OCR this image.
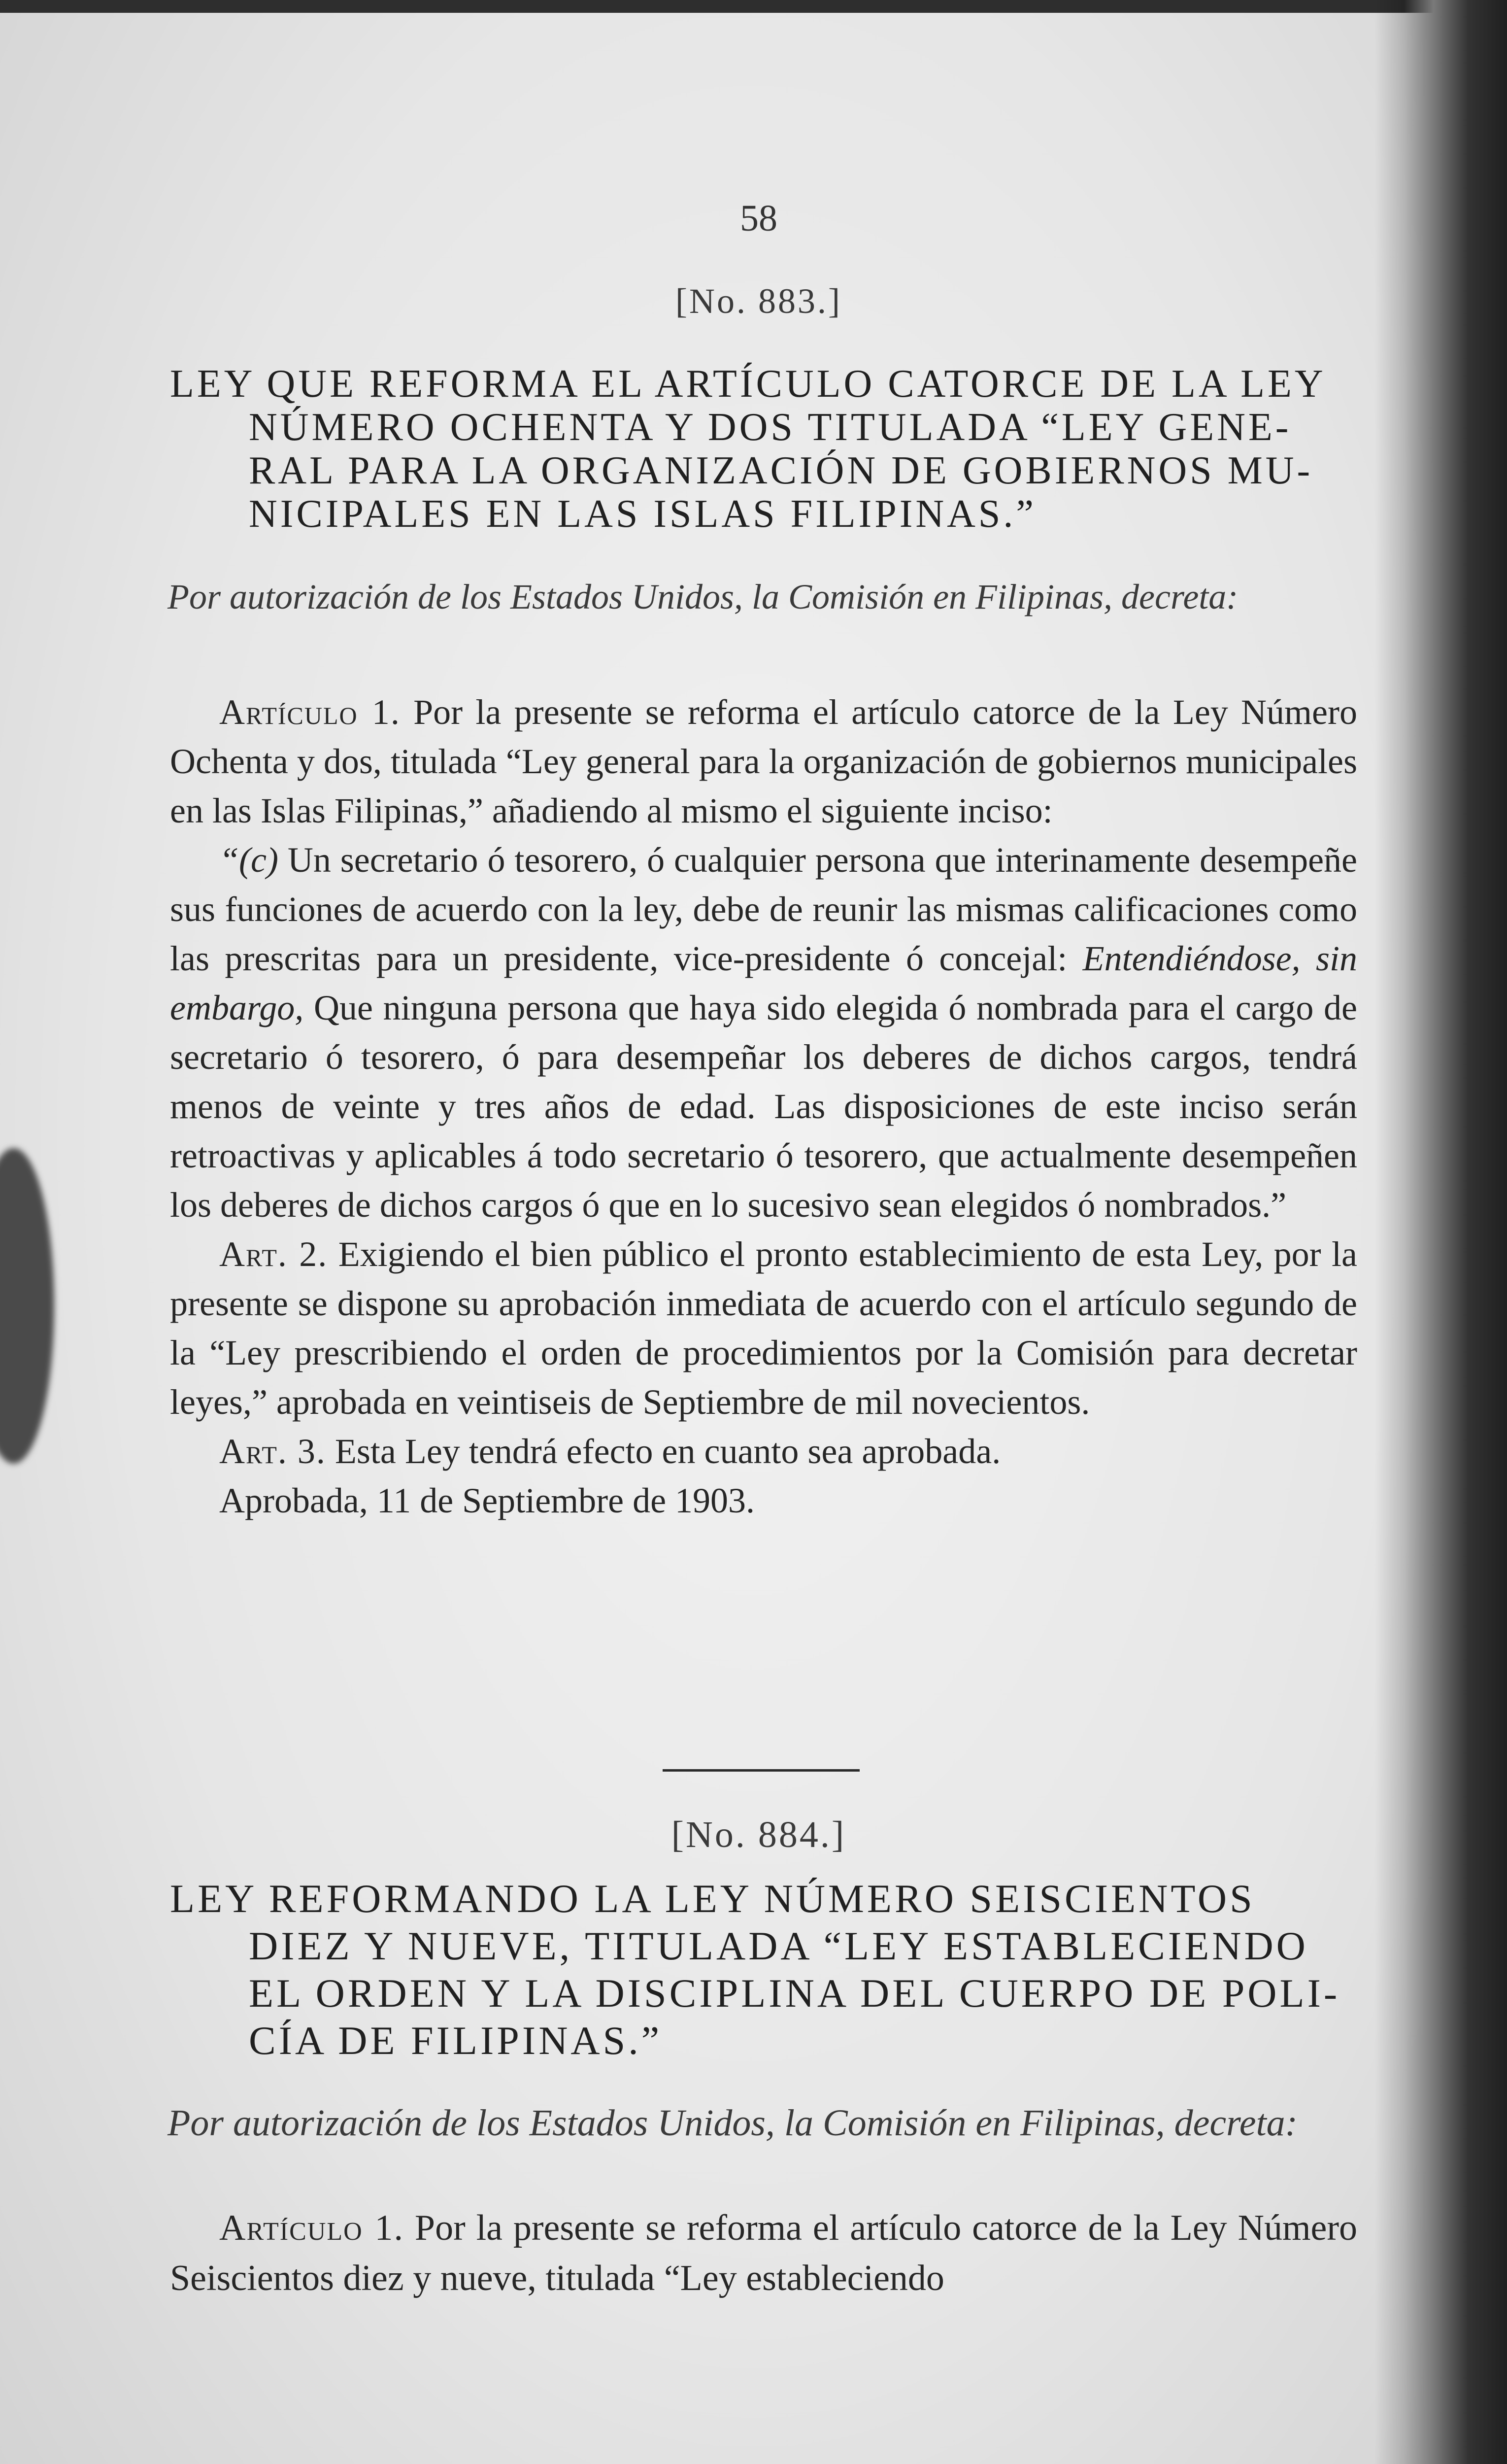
58
[No. 883.]
LEY QUE REFORMA EL ARTÍCULO CATORCE DE LA LEY
NÚMERO OCHENTA Y DOS TITULADA “LEY GENE-
RAL PARA LA ORGANIZACIÓN DE GOBIERNOS MU-
NICIPALES EN LAS ISLAS FILIPINAS.”
Por autorización de los Estados Unidos, la Comisión en Filipinas, decreta:

Artículo 1. Por la presente se reforma el artículo catorce de la Ley Número Ochenta y dos, titulada “Ley general para la organización de gobiernos municipales en las Islas Filipinas,” añadiendo al mismo el siguiente inciso:

“(c) Un secretario ó tesorero, ó cualquier persona que interinamente desempeñe sus funciones de acuerdo con la ley, debe de reunir las mismas calificaciones como las prescritas para un presidente, vice-presidente ó concejal: Entendiéndose, sin embargo, Que ninguna persona que haya sido elegida ó nombrada para el cargo de secretario ó tesorero, ó para desempeñar los deberes de dichos cargos, tendrá menos de veinte y tres años de edad. Las disposiciones de este inciso serán retroactivas y aplicables á todo secretario ó tesorero, que actualmente desempeñen los deberes de dichos cargos ó que en lo sucesivo sean elegidos ó nombrados.”

Art. 2. Exigiendo el bien público el pronto establecimiento de esta Ley, por la presente se dispone su aprobación inmediata de acuerdo con el artículo segundo de la “Ley prescribiendo el orden de procedimientos por la Comisión para decretar leyes,” aprobada en veintiseis de Septiembre de mil novecientos.

Art. 3. Esta Ley tendrá efecto en cuanto sea aprobada.

Aprobada, 11 de Septiembre de 1903.

[No. 884.]
LEY REFORMANDO LA LEY NÚMERO SEISCIENTOS
DIEZ Y NUEVE, TITULADA “LEY ESTABLECIENDO
EL ORDEN Y LA DISCIPLINA DEL CUERPO DE POLI-
CÍA DE FILIPINAS.”
Por autorización de los Estados Unidos, la Comisión en Filipinas, decreta:

Artículo 1. Por la presente se reforma el artículo catorce de la Ley Número Seiscientos diez y nueve, titulada “Ley estableciendo
